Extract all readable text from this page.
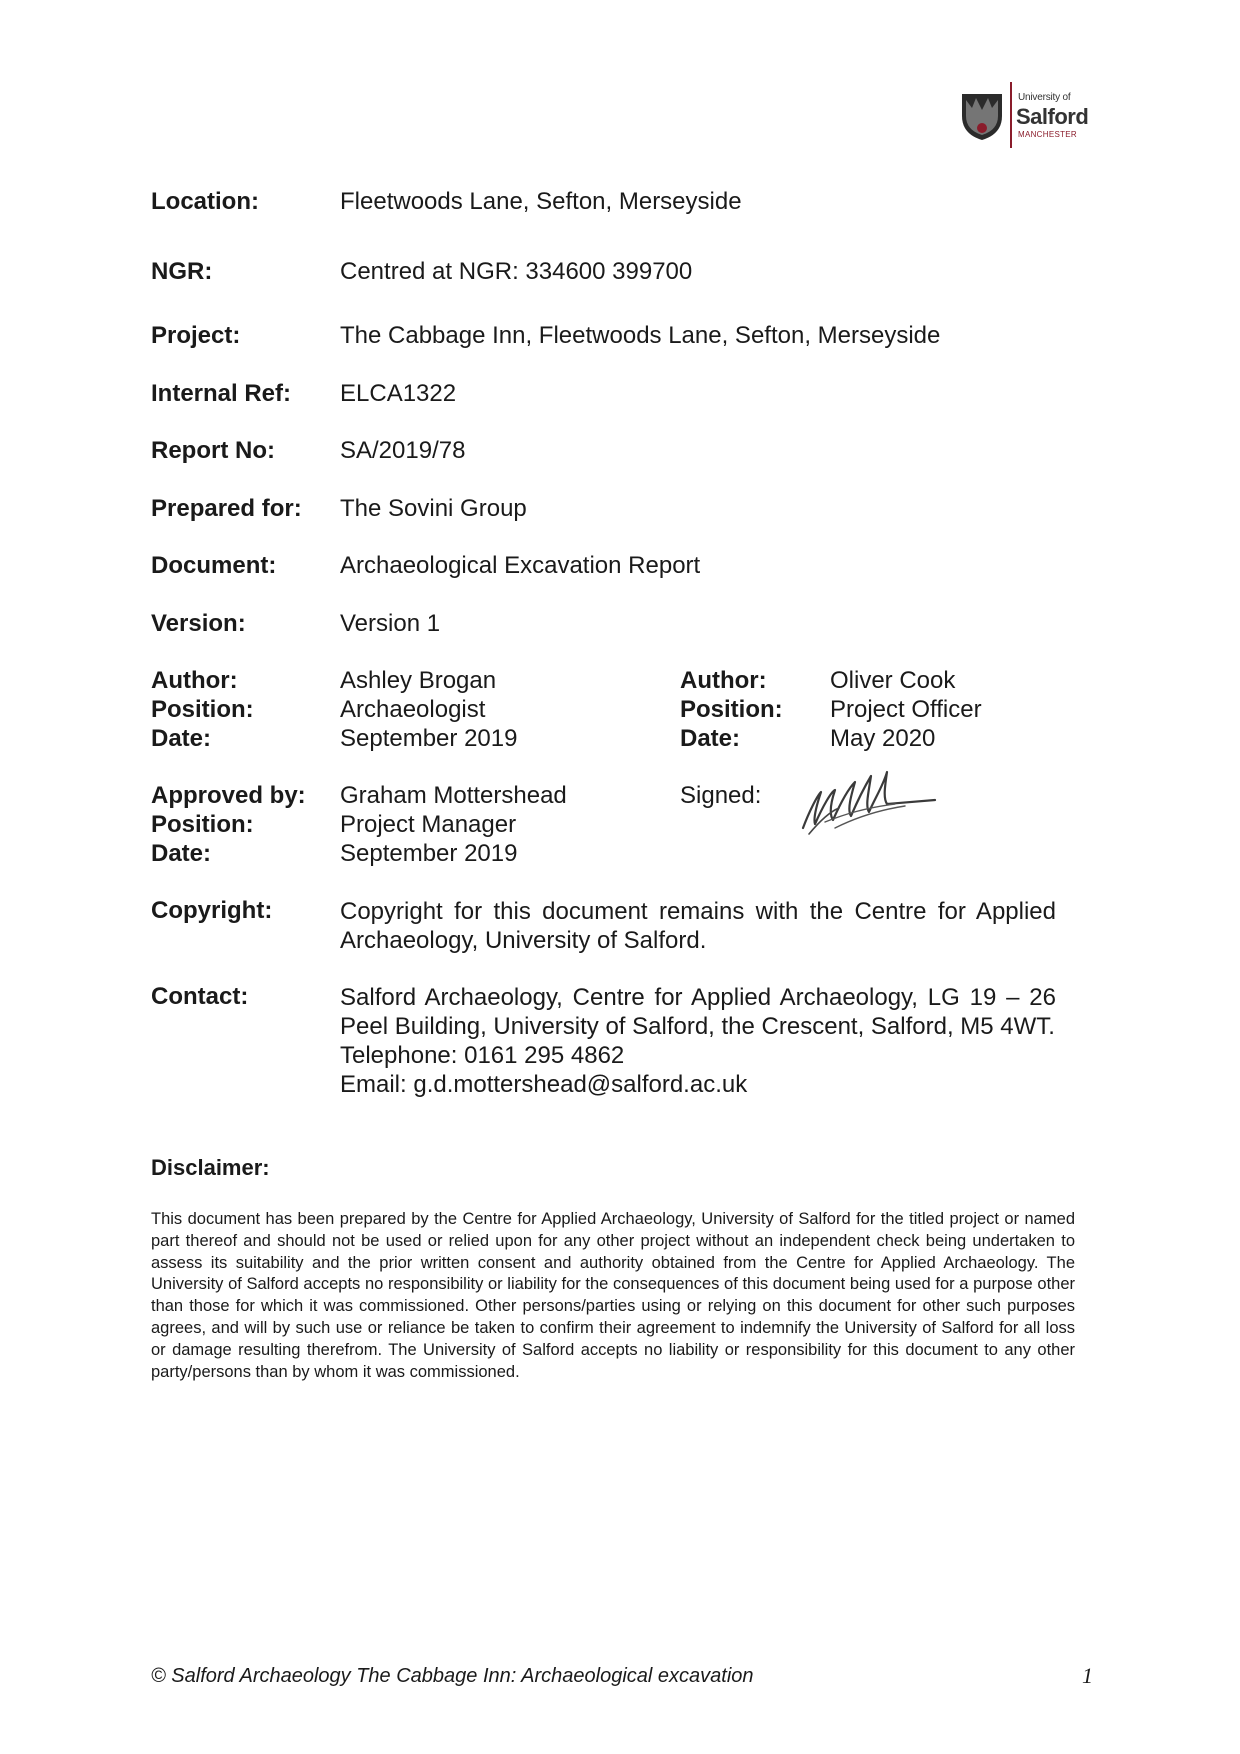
University of
Salford
MANCHESTER
Location:	Fleetwoods Lane, Sefton, Merseyside
NGR:	Centred at NGR: 334600 399700
Project:	The Cabbage Inn, Fleetwoods Lane, Sefton, Merseyside
Internal Ref: ELCA1322
Report No:	SA/2019/78
Prepared for: The Sovini Group
Document:	Archaeological Excavation Report
Version:	Version 1
Author:	Ashley Brogan
Position:	Archaeologist
Date:	September 2019
Author:	Oliver Cook
Position: Project Officer
Date:	May 2020
Approved by: Graham Mottershead
Position:	Project Manager
Date:	September 2019
Signed:
Copyright:	Copyright for this document remains with the Centre for Applied Archaeology, University of Salford.
Contact:	Salford Archaeology, Centre for Applied Archaeology, LG 19 – 26 Peel Building, University of Salford, the Crescent, Salford, M5 4WT.
Telephone: 0161 295 4862
Email: g.d.mottershead@salford.ac.uk
Disclaimer:
This document has been prepared by the Centre for Applied Archaeology, University of Salford for the titled project or named part thereof and should not be used or relied upon for any other project without an independent check being undertaken to assess its suitability and the prior written consent and authority obtained from the Centre for Applied Archaeology. The University of Salford accepts no responsibility or liability for the consequences of this document being used for a purpose other than those for which it was commissioned. Other persons/parties using or relying on this document for other such purposes agrees, and will by such use or reliance be taken to confirm their agreement to indemnify the University of Salford for all loss or damage resulting therefrom. The University of Salford accepts no liability or responsibility for this document to any other party/persons than by whom it was commissioned.
© Salford Archaeology The Cabbage Inn: Archaeological excavation	1
